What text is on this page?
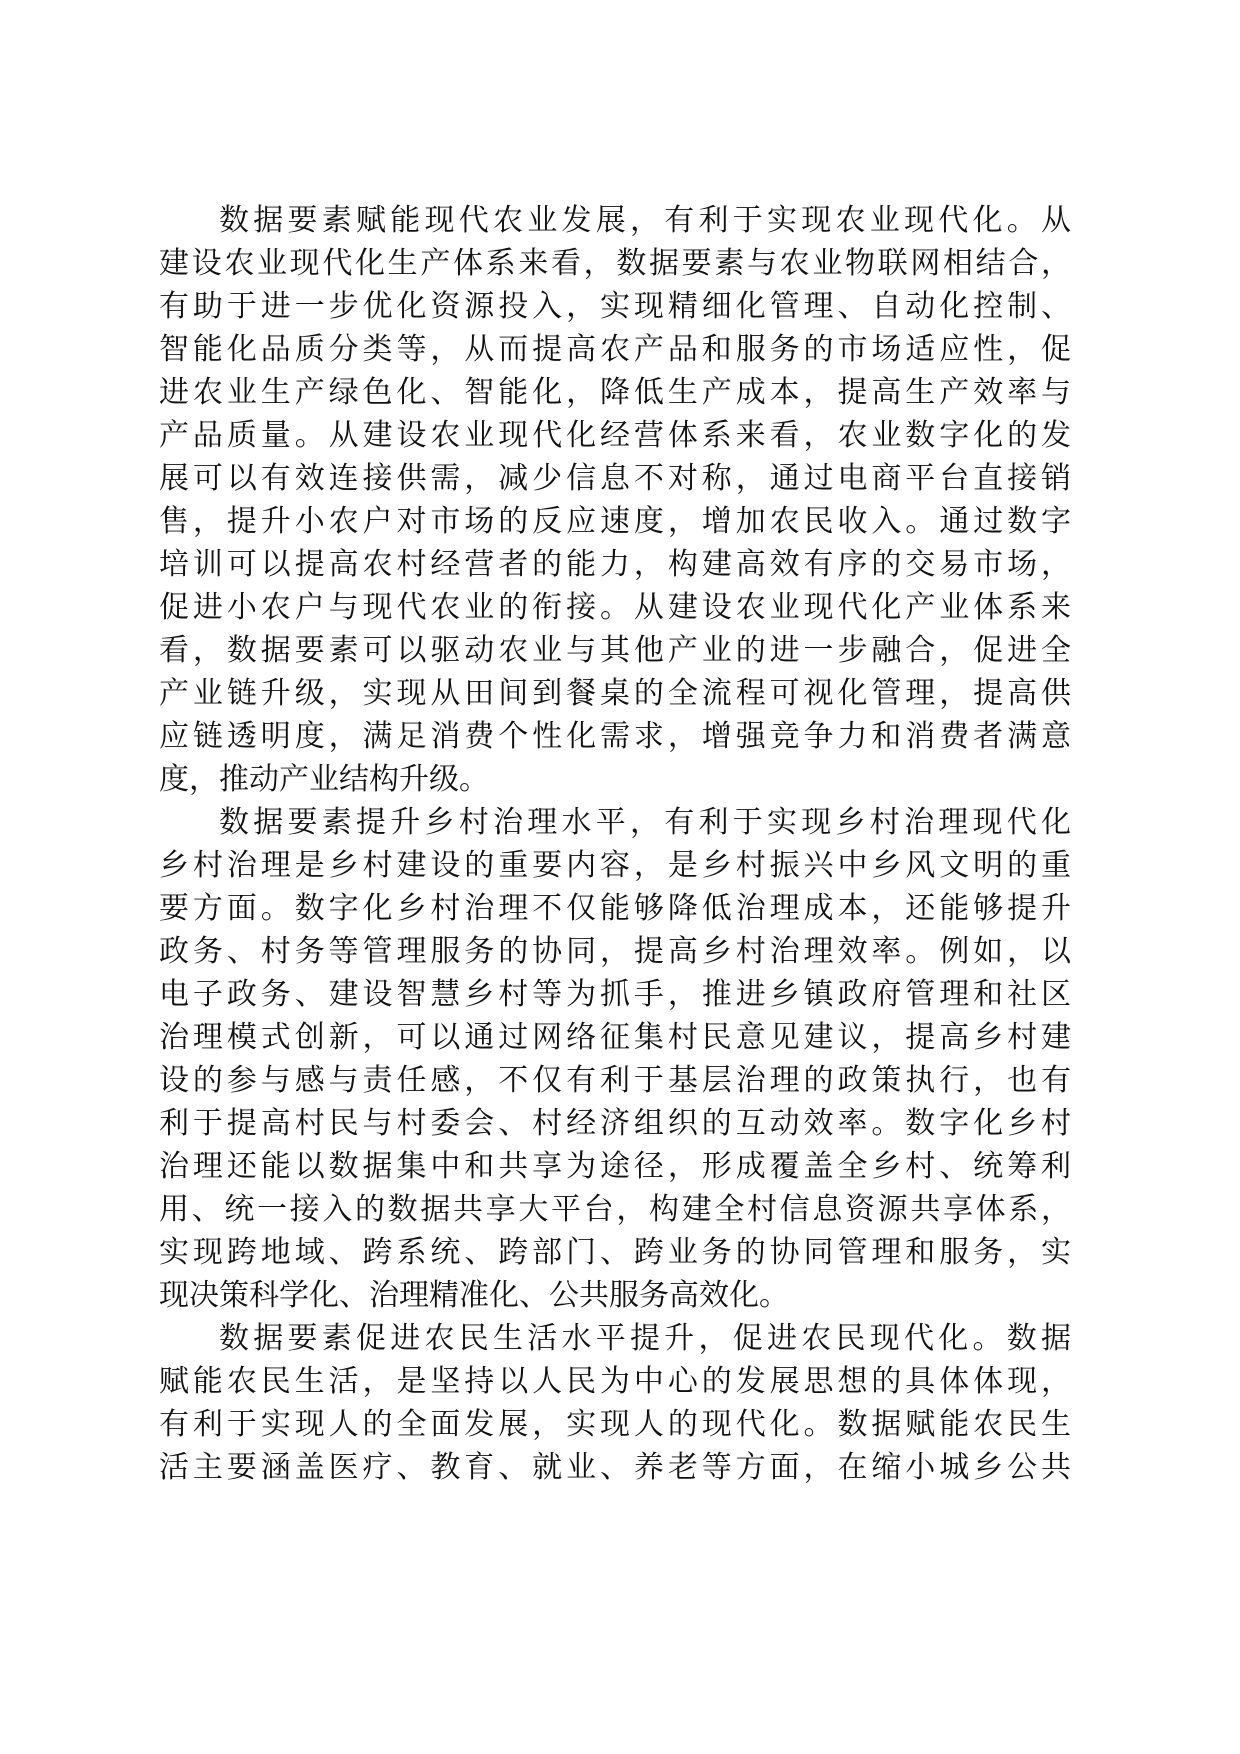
数据要素赋能现代农业发展，有利于实现农业现代化。从
建设农业现代化生产体系来看，数据要素与农业物联网相结合，
有助于进一步优化资源投入，实现精细化管理、自动化控制、
智能化品质分类等，从而提高农产品和服务的市场适应性，促
进农业生产绿色化、智能化，降低生产成本，提高生产效率与
产品质量。从建设农业现代化经营体系来看，农业数字化的发
展可以有效连接供需，减少信息不对称，通过电商平台直接销
售，提升小农户对市场的反应速度，增加农民收入。通过数字
培训可以提高农村经营者的能力，构建高效有序的交易市场，
促进小农户与现代农业的衔接。从建设农业现代化产业体系来
看，数据要素可以驱动农业与其他产业的进一步融合，促进全
产业链升级，实现从田间到餐桌的全流程可视化管理，提高供
应链透明度，满足消费个性化需求，增强竞争力和消费者满意
度，推动产业结构升级。
数据要素提升乡村治理水平，有利于实现乡村治理现代化
乡村治理是乡村建设的重要内容，是乡村振兴中乡风文明的重
要方面。数字化乡村治理不仅能够降低治理成本，还能够提升
政务、村务等管理服务的协同，提高乡村治理效率。例如，以
电子政务、建设智慧乡村等为抓手，推进乡镇政府管理和社区
治理模式创新，可以通过网络征集村民意见建议，提高乡村建
设的参与感与责任感，不仅有利于基层治理的政策执行，也有
利于提高村民与村委会、村经济组织的互动效率。数字化乡村
治理还能以数据集中和共享为途径，形成覆盖全乡村、统筹利
用、统一接入的数据共享大平台，构建全村信息资源共享体系，
实现跨地域、跨系统、跨部门、跨业务的协同管理和服务，实
现决策科学化、治理精准化、公共服务高效化。
数据要素促进农民生活水平提升，促进农民现代化。数据
赋能农民生活，是坚持以人民为中心的发展思想的具体体现，
有利于实现人的全面发展，实现人的现代化。数据赋能农民生
活主要涵盖医疗、教育、就业、养老等方面，在缩小城乡公共
